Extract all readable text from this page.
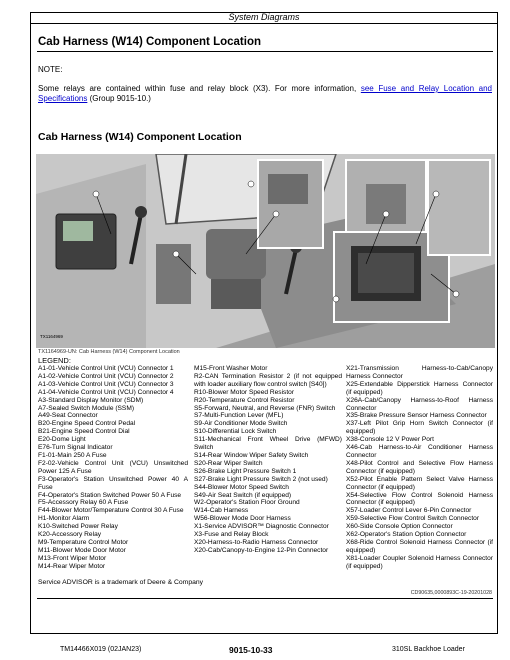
System Diagrams
Cab Harness (W14) Component Location
NOTE:
Some relays are contained within fuse and relay block (X3). For more information, see Fuse and Relay Location and Specifications (Group 9015-10.)
Cab Harness (W14) Component Location
TX1164969
TX1164969-UN: Cab Harness (W14) Component Location
LEGEND:
A1-01-Vehicle Control Unit (VCU) Connector 1
A1-02-Vehicle Control Unit (VCU) Connector 2
A1-03-Vehicle Control Unit (VCU) Connector 3
A1-04-Vehicle Control Unit (VCU) Connector 4
A3-Standard Display Monitor (SDM)
A7-Sealed Switch Module (SSM)
A49-Seat Connector
B20-Engine Speed Control Pedal
B21-Engine Speed Control Dial
E20-Dome Light
E76-Turn Signal Indicator
F1-01-Main 250 A Fuse
F2-02-Vehicle Control Unit (VCU) Unswitched Power 125 A Fuse
F3-Operator's Station Unswitched Power 40 A Fuse
F4-Operator's Station Switched Power 50 A Fuse
F5-Accessory Relay 60 A Fuse
F44-Blower Motor/Temperature Control 30 A Fuse
H1-Monitor Alarm
K10-Switched Power Relay
K20-Accessory Relay
M9-Temperature Control Motor
M11-Blower Mode Door Motor
M13-Front Wiper Motor
M14-Rear Wiper Motor
M15-Front Washer Motor
R2-CAN Termination Resistor 2 (if not equipped with loader auxiliary flow control switch [S40])
R10-Blower Motor Speed Resistor
R20-Temperature Control Resistor
S5-Forward, Neutral, and Reverse (FNR) Switch
S7-Multi-Function Lever (MFL)
S9-Air Conditioner Mode Switch
S10-Differential Lock Switch
S11-Mechanical Front Wheel Drive (MFWD) Switch
S14-Rear Window Wiper Safety Switch
S20-Rear Wiper Switch
S26-Brake Light Pressure Switch 1
S27-Brake Light Pressure Switch 2 (not used)
S44-Blower Motor Speed Switch
S49-Air Seat Switch (if equipped)
W2-Operator's Station Floor Ground
W14-Cab Harness
W56-Blower Mode Door Harness
X1-Service ADVISOR™ Diagnostic Connector
X3-Fuse and Relay Block
X20-Harness-to-Radio Harness Connector
X20-Cab/Canopy-to-Engine 12-Pin Connector
X21-Transmission Harness-to-Cab/Canopy Harness Connector
X25-Extendable Dipperstick Harness Connector (if equipped)
X26A-Cab/Canopy Harness-to-Roof Harness Connector
X35-Brake Pressure Sensor Harness Connector
X37-Left Pilot Grip Horn Switch Connector (if equipped)
X38-Console 12 V Power Port
X46-Cab Harness-to-Air Conditioner Harness Connector
X48-Pilot Control and Selective Flow Harness Connector (if equipped)
X52-Pilot Enable Pattern Select Valve Harness Connector (if equipped)
X54-Selective Flow Control Solenoid Harness Connector (if equipped)
X57-Loader Control Lever 6-Pin Connector
X59-Selective Flow Control Switch Connector
X60-Side Console Option Connector
X62-Operator's Station Option Connector
X68-Ride Control Solenoid Harness Connector (if equipped)
X81-Loader Coupler Solenoid Harness Connector (if equipped)
Service ADVISOR is a trademark of Deere & Company
CD90635,0000893C-19-20201028
TM14466X019 (02JAN23)	9015-10-33	310SL Backhoe Loader
